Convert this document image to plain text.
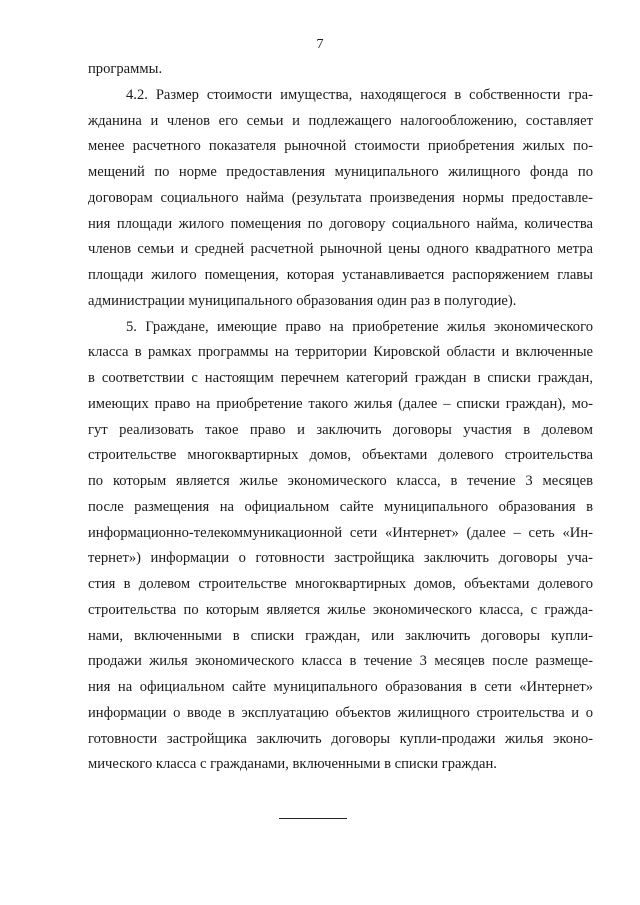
7
программы.
4.2. Размер стоимости имущества, находящегося в собственности гра-
жданина и членов его семьи и подлежащего налогообложению, составляет
менее расчетного показателя рыночной стоимости приобретения жилых по-
мещений по норме предоставления муниципального жилищного фонда по
договорам социального найма (результата произведения нормы предоставле-
ния площади жилого помещения по договору социального найма, количества
членов семьи и средней расчетной рыночной цены одного квадратного метра
площади жилого помещения, которая устанавливается распоряжением главы
администрации муниципального образования один раз в полугодие).
5. Граждане, имеющие право на приобретение жилья экономического
класса в рамках программы на территории Кировской области и включенные
в соответствии с настоящим перечнем категорий граждан в списки граждан,
имеющих право на приобретение такого жилья (далее – списки граждан), мо-
гут реализовать такое право и заключить договоры участия в долевом
строительстве многоквартирных домов, объектами долевого строительства
по которым является жилье экономического класса, в течение 3 месяцев
после размещения на официальном сайте муниципального образования в
информационно-телекоммуникационной сети «Интернет» (далее – сеть «Ин-
тернет») информации о готовности застройщика заключить договоры уча-
стия в долевом строительстве многоквартирных домов, объектами долевого
строительства по которым является жилье экономического класса, с гражда-
нами, включенными в списки граждан, или заключить договоры купли-
продажи жилья экономического класса в течение 3 месяцев после размеще-
ния на официальном сайте муниципального образования в сети «Интернет»
информации о вводе в эксплуатацию объектов жилищного строительства и о
готовности застройщика заключить договоры купли-продажи жилья эконо-
мического класса с гражданами, включенными в списки граждан.
